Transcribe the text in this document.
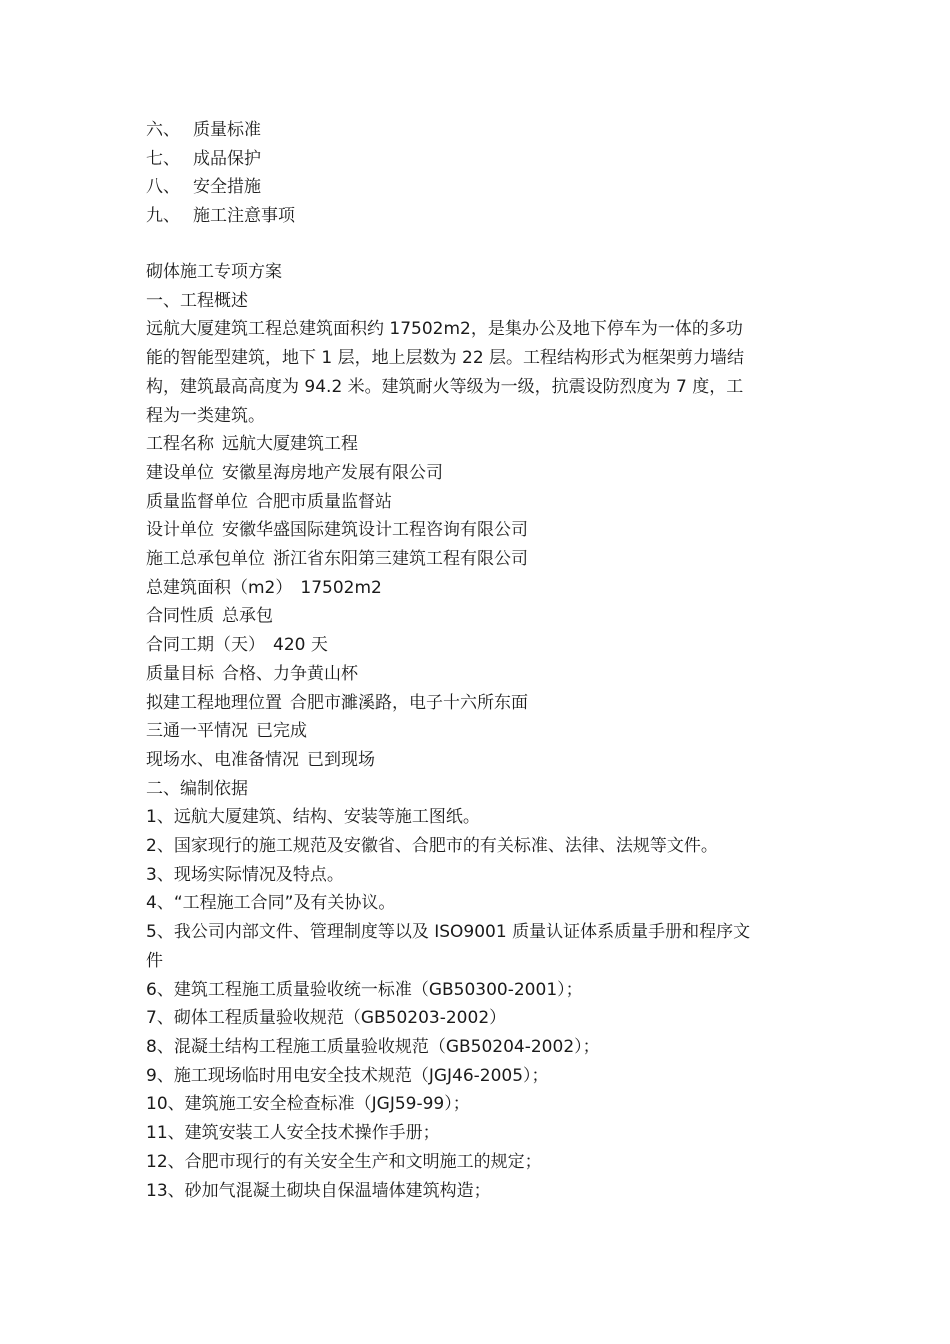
六、 质量标准
七、 成品保护
八、 安全措施
九、 施工注意事项
砌体施工专项方案
一、工程概述
远航大厦建筑工程总建筑面积约 17502m2，是集办公及地下停车为一体的多功
能的智能型建筑，地下 1 层，地上层数为 22 层。工程结构形式为框架剪力墙结
构，建筑最高高度为 94.2 米。建筑耐火等级为一级，抗震设防烈度为 7 度，工
程为一类建筑。
工程名称 远航大厦建筑工程
建设单位 安徽星海房地产发展有限公司
质量监督单位 合肥市质量监督站
设计单位 安徽华盛国际建筑设计工程咨询有限公司
施工总承包单位 浙江省东阳第三建筑工程有限公司
总建筑面积（m2） 17502m2
合同性质 总承包
合同工期（天） 420 天
质量目标 合格、力争黄山杯
拟建工程地理位置 合肥市濉溪路，电子十六所东面
三通一平情况 已完成
现场水、电准备情况 已到现场
二、编制依据
1、远航大厦建筑、结构、安装等施工图纸。
2、国家现行的施工规范及安徽省、合肥市的有关标准、法律、法规等文件。
3、现场实际情况及特点。
4、“工程施工合同”及有关协议。
5、我公司内部文件、管理制度等以及 ISO9001 质量认证体系质量手册和程序文
件
6、建筑工程施工质量验收统一标准（GB50300-2001）；
7、砌体工程质量验收规范（GB50203-2002）
8、混凝土结构工程施工质量验收规范（GB50204-2002）；
9、施工现场临时用电安全技术规范（JGJ46-2005）；
10、建筑施工安全检查标准（JGJ59-99）；
11、建筑安装工人安全技术操作手册；
12、合肥市现行的有关安全生产和文明施工的规定；
13、砂加气混凝土砌块自保温墙体建筑构造；
